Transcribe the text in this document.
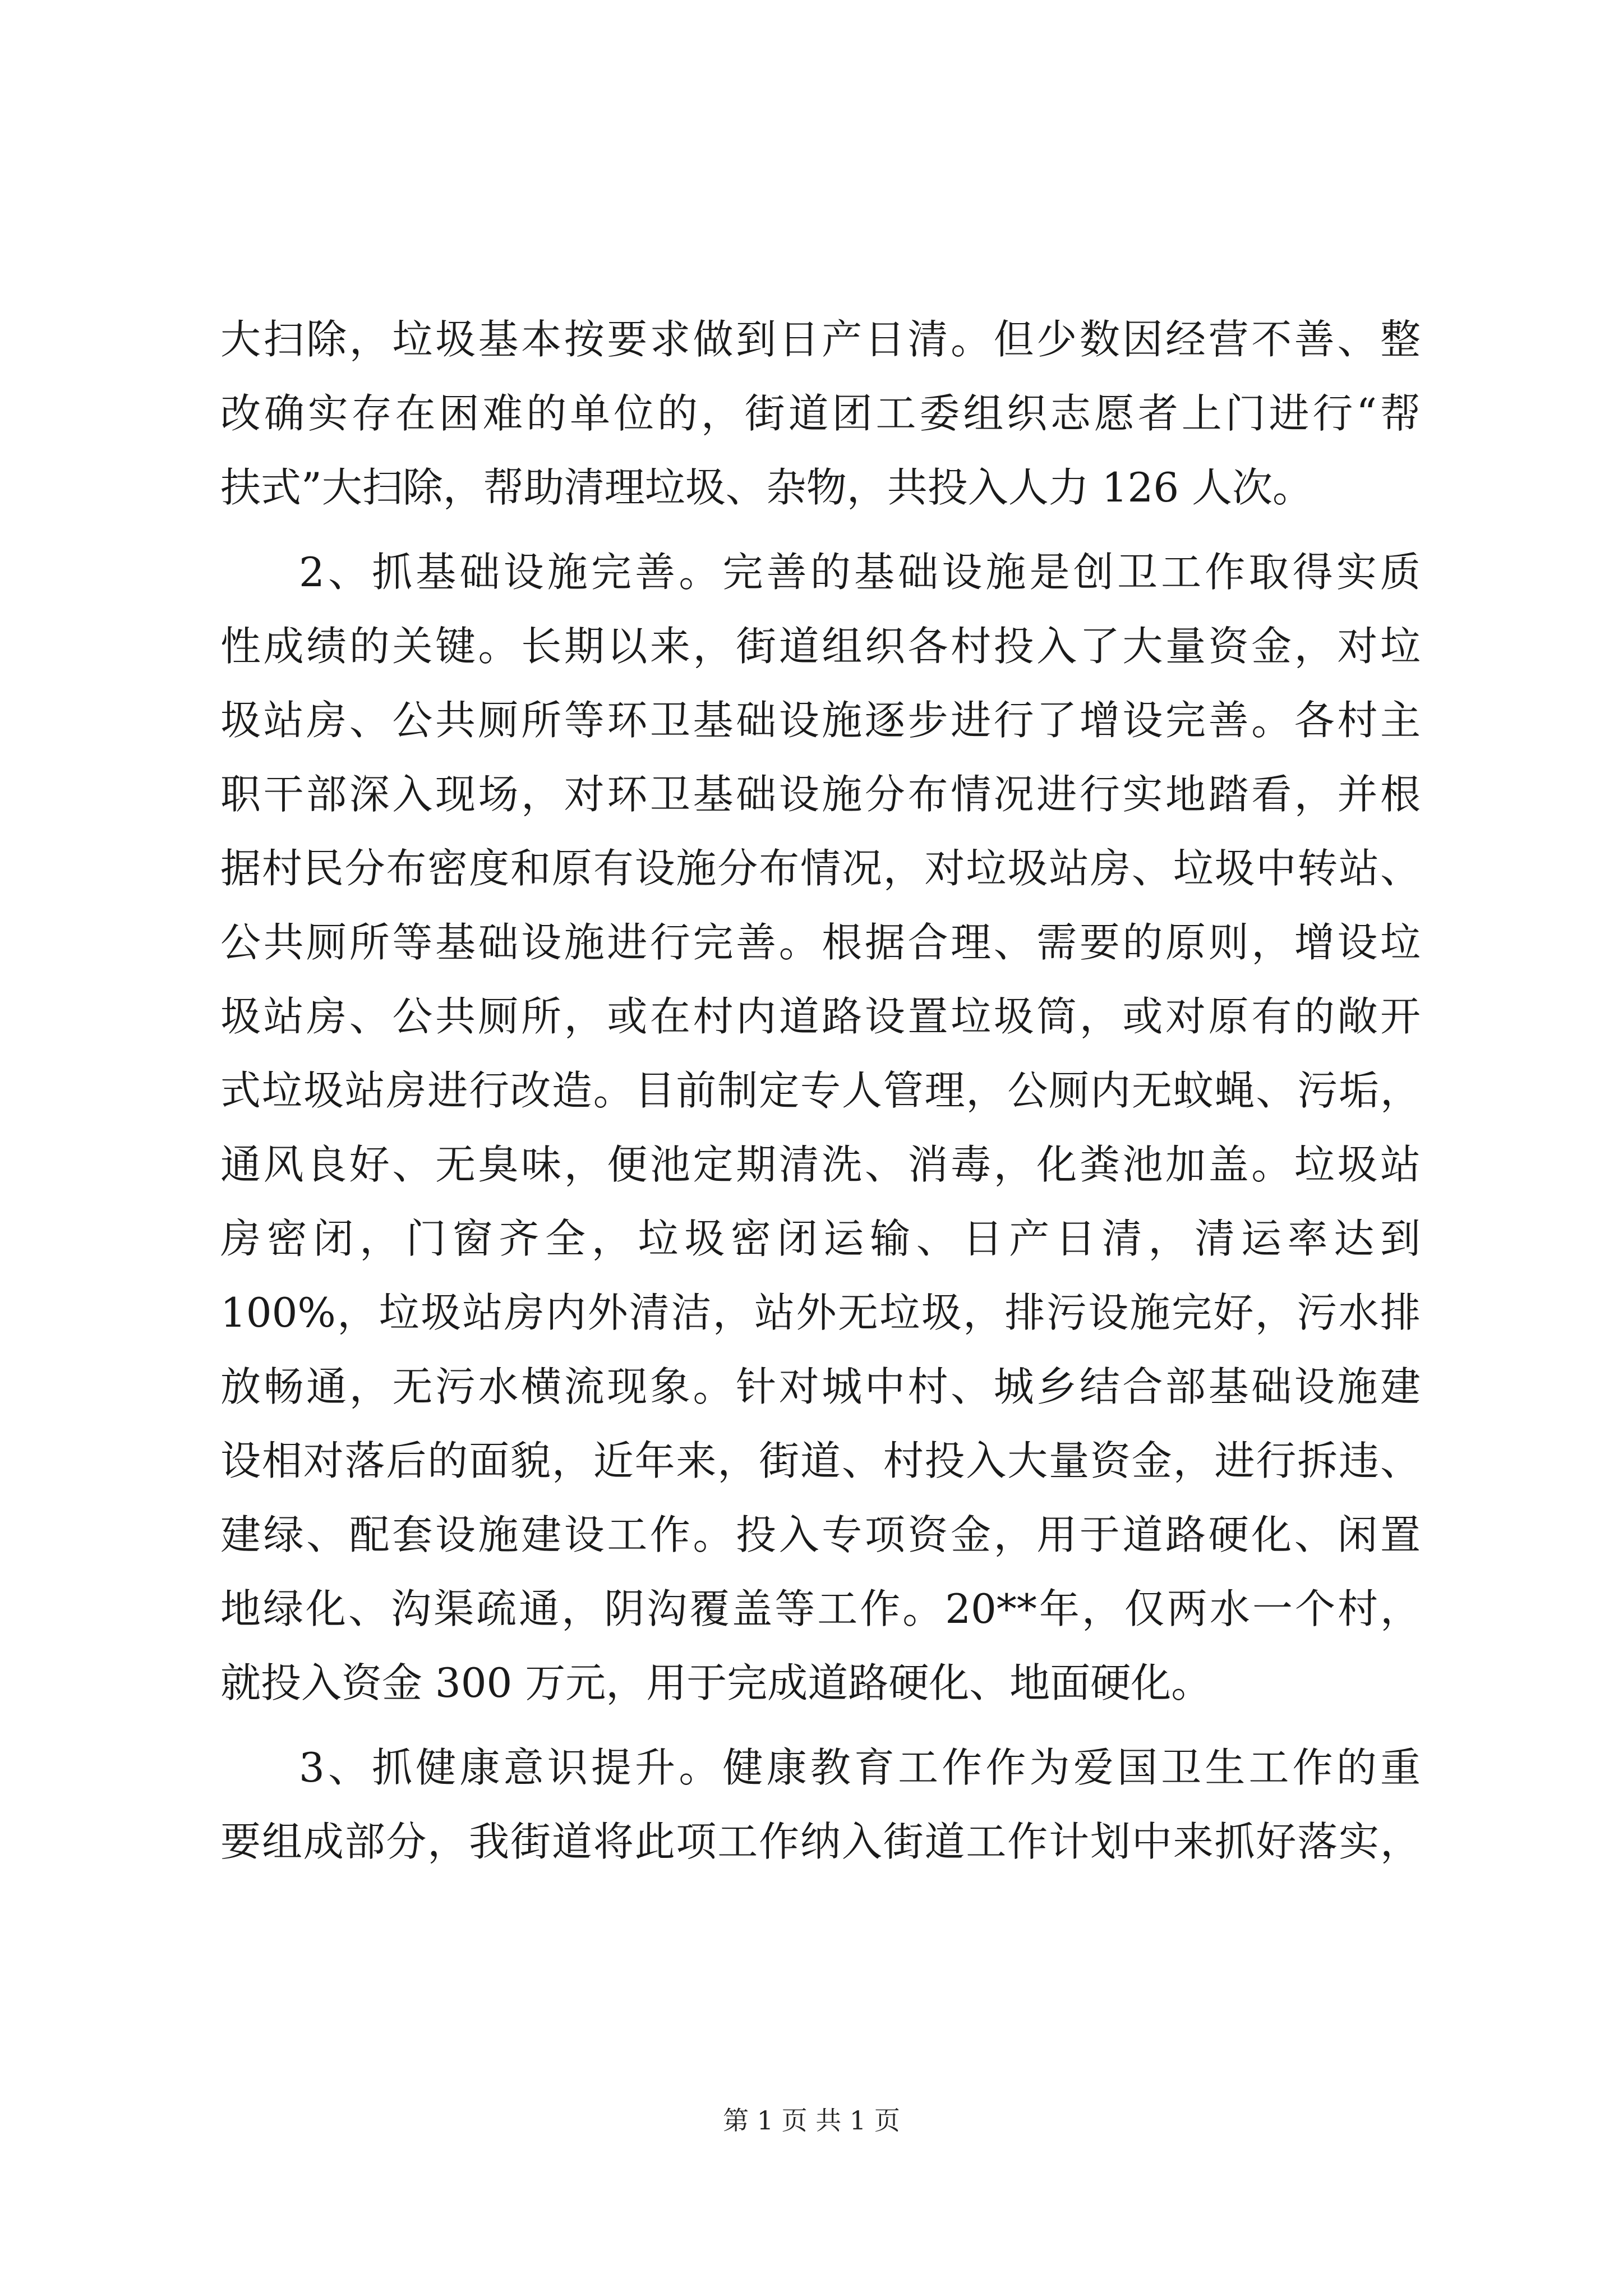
大扫除，垃圾基本按要求做到日产日清。但少数因经营不善、整
改确实存在困难的单位的，街道团工委组织志愿者上门进行“帮
扶式”大扫除，帮助清理垃圾、杂物，共投入人力 126 人次。
2、抓基础设施完善。完善的基础设施是创卫工作取得实质
性成绩的关键。长期以来，街道组织各村投入了大量资金，对垃
圾站房、公共厕所等环卫基础设施逐步进行了增设完善。各村主
职干部深入现场，对环卫基础设施分布情况进行实地踏看，并根
据村民分布密度和原有设施分布情况，对垃圾站房、垃圾中转站、
公共厕所等基础设施进行完善。根据合理、需要的原则，增设垃
圾站房、公共厕所，或在村内道路设置垃圾筒，或对原有的敞开
式垃圾站房进行改造。目前制定专人管理，公厕内无蚊蝇、污垢，
通风良好、无臭味，便池定期清洗、消毒，化粪池加盖。垃圾站
房密闭，门窗齐全，垃圾密闭运输、日产日清，清运率达到
100%，垃圾站房内外清洁，站外无垃圾，排污设施完好，污水排
放畅通，无污水横流现象。针对城中村、城乡结合部基础设施建
设相对落后的面貌，近年来，街道、村投入大量资金，进行拆违、
建绿、配套设施建设工作。投入专项资金，用于道路硬化、闲置
地绿化、沟渠疏通，阴沟覆盖等工作。20**年，仅两水一个村，
就投入资金 300 万元，用于完成道路硬化、地面硬化。
3、抓健康意识提升。健康教育工作作为爱国卫生工作的重
要组成部分，我街道将此项工作纳入街道工作计划中来抓好落实，
第 1 页 共 1 页
